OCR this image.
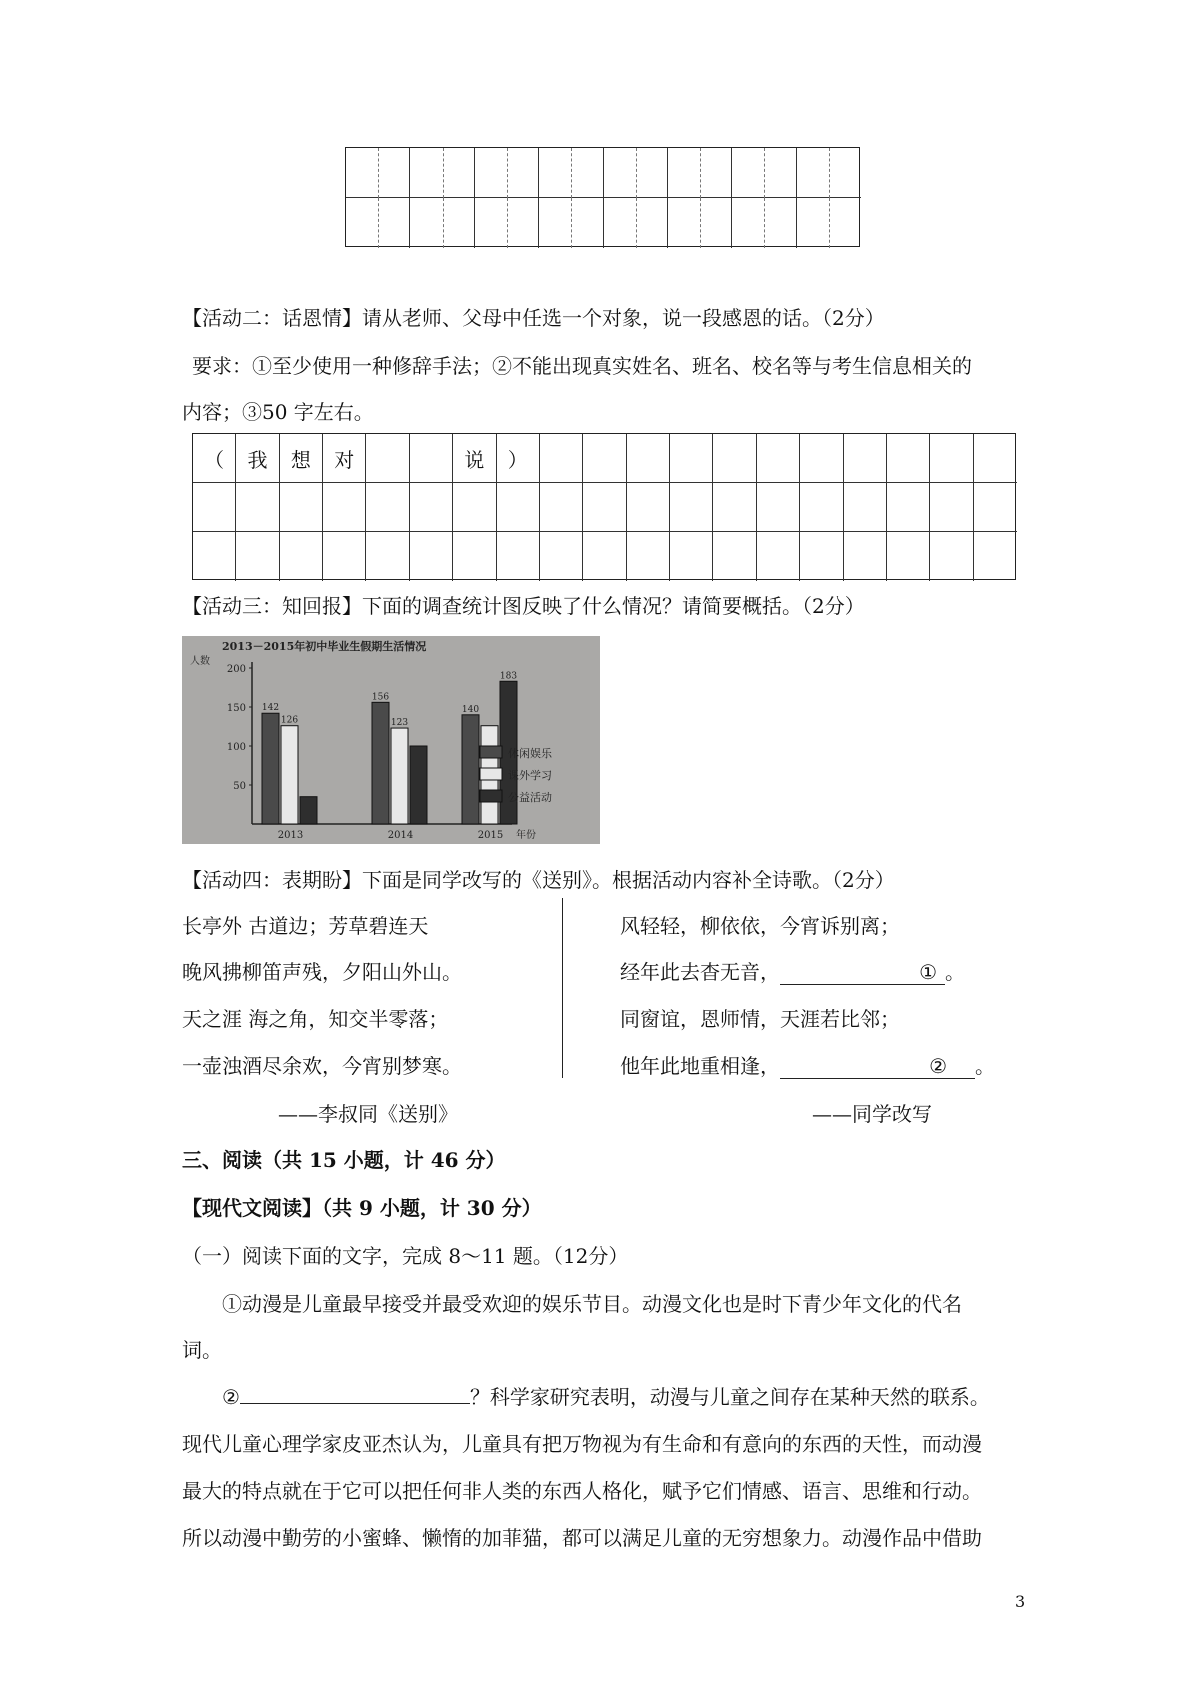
【活动二：话恩情】请从老师、父母中任选一个对象，说一段感恩的话。（2分）
要求：①至少使用一种修辞手法；②不能出现真实姓名、班名、校名等与考生信息相关的
内容；③50 字左右。
（	我	想	对	说	）
【活动三：知回报】下面的调查统计图反映了什么情况？请简要概括。（2分）
2013－2015年初中毕业生假期生活情况
人数
50
100
150
200
年份
142
126
2013
156
123
2014
140
183
2015
休闲娱乐
课外学习
公益活动
【活动四：表期盼】下面是同学改写的《送别》。根据活动内容补全诗歌。（2分）
长亭外 古道边；芳草碧连天
晚风拂柳笛声残，夕阳山外山。
天之涯 海之角，知交半零落；
一壶浊酒尽余欢，今宵别梦寒。
——李叔同《送别》
风轻轻，柳依依，今宵诉别离；
经年此去杳无音，	① 。
同窗谊，恩师情，天涯若比邻；
他年此地重相逢，	② 。
——同学改写
三、阅读（共 15 小题，计 46 分）
【现代文阅读】（共 9 小题，计 30 分）
（一）阅读下面的文字，完成 8～11 题。（12分）
①动漫是儿童最早接受并最受欢迎的娱乐节目。动漫文化也是时下青少年文化的代名
词。
②	？科学家研究表明，动漫与儿童之间存在某种天然的联系。
现代儿童心理学家皮亚杰认为，儿童具有把万物视为有生命和有意向的东西的天性，而动漫
最大的特点就在于它可以把任何非人类的东西人格化，赋予它们情感、语言、思维和行动。
所以动漫中勤劳的小蜜蜂、懒惰的加菲猫，都可以满足儿童的无穷想象力。动漫作品中借助
3
